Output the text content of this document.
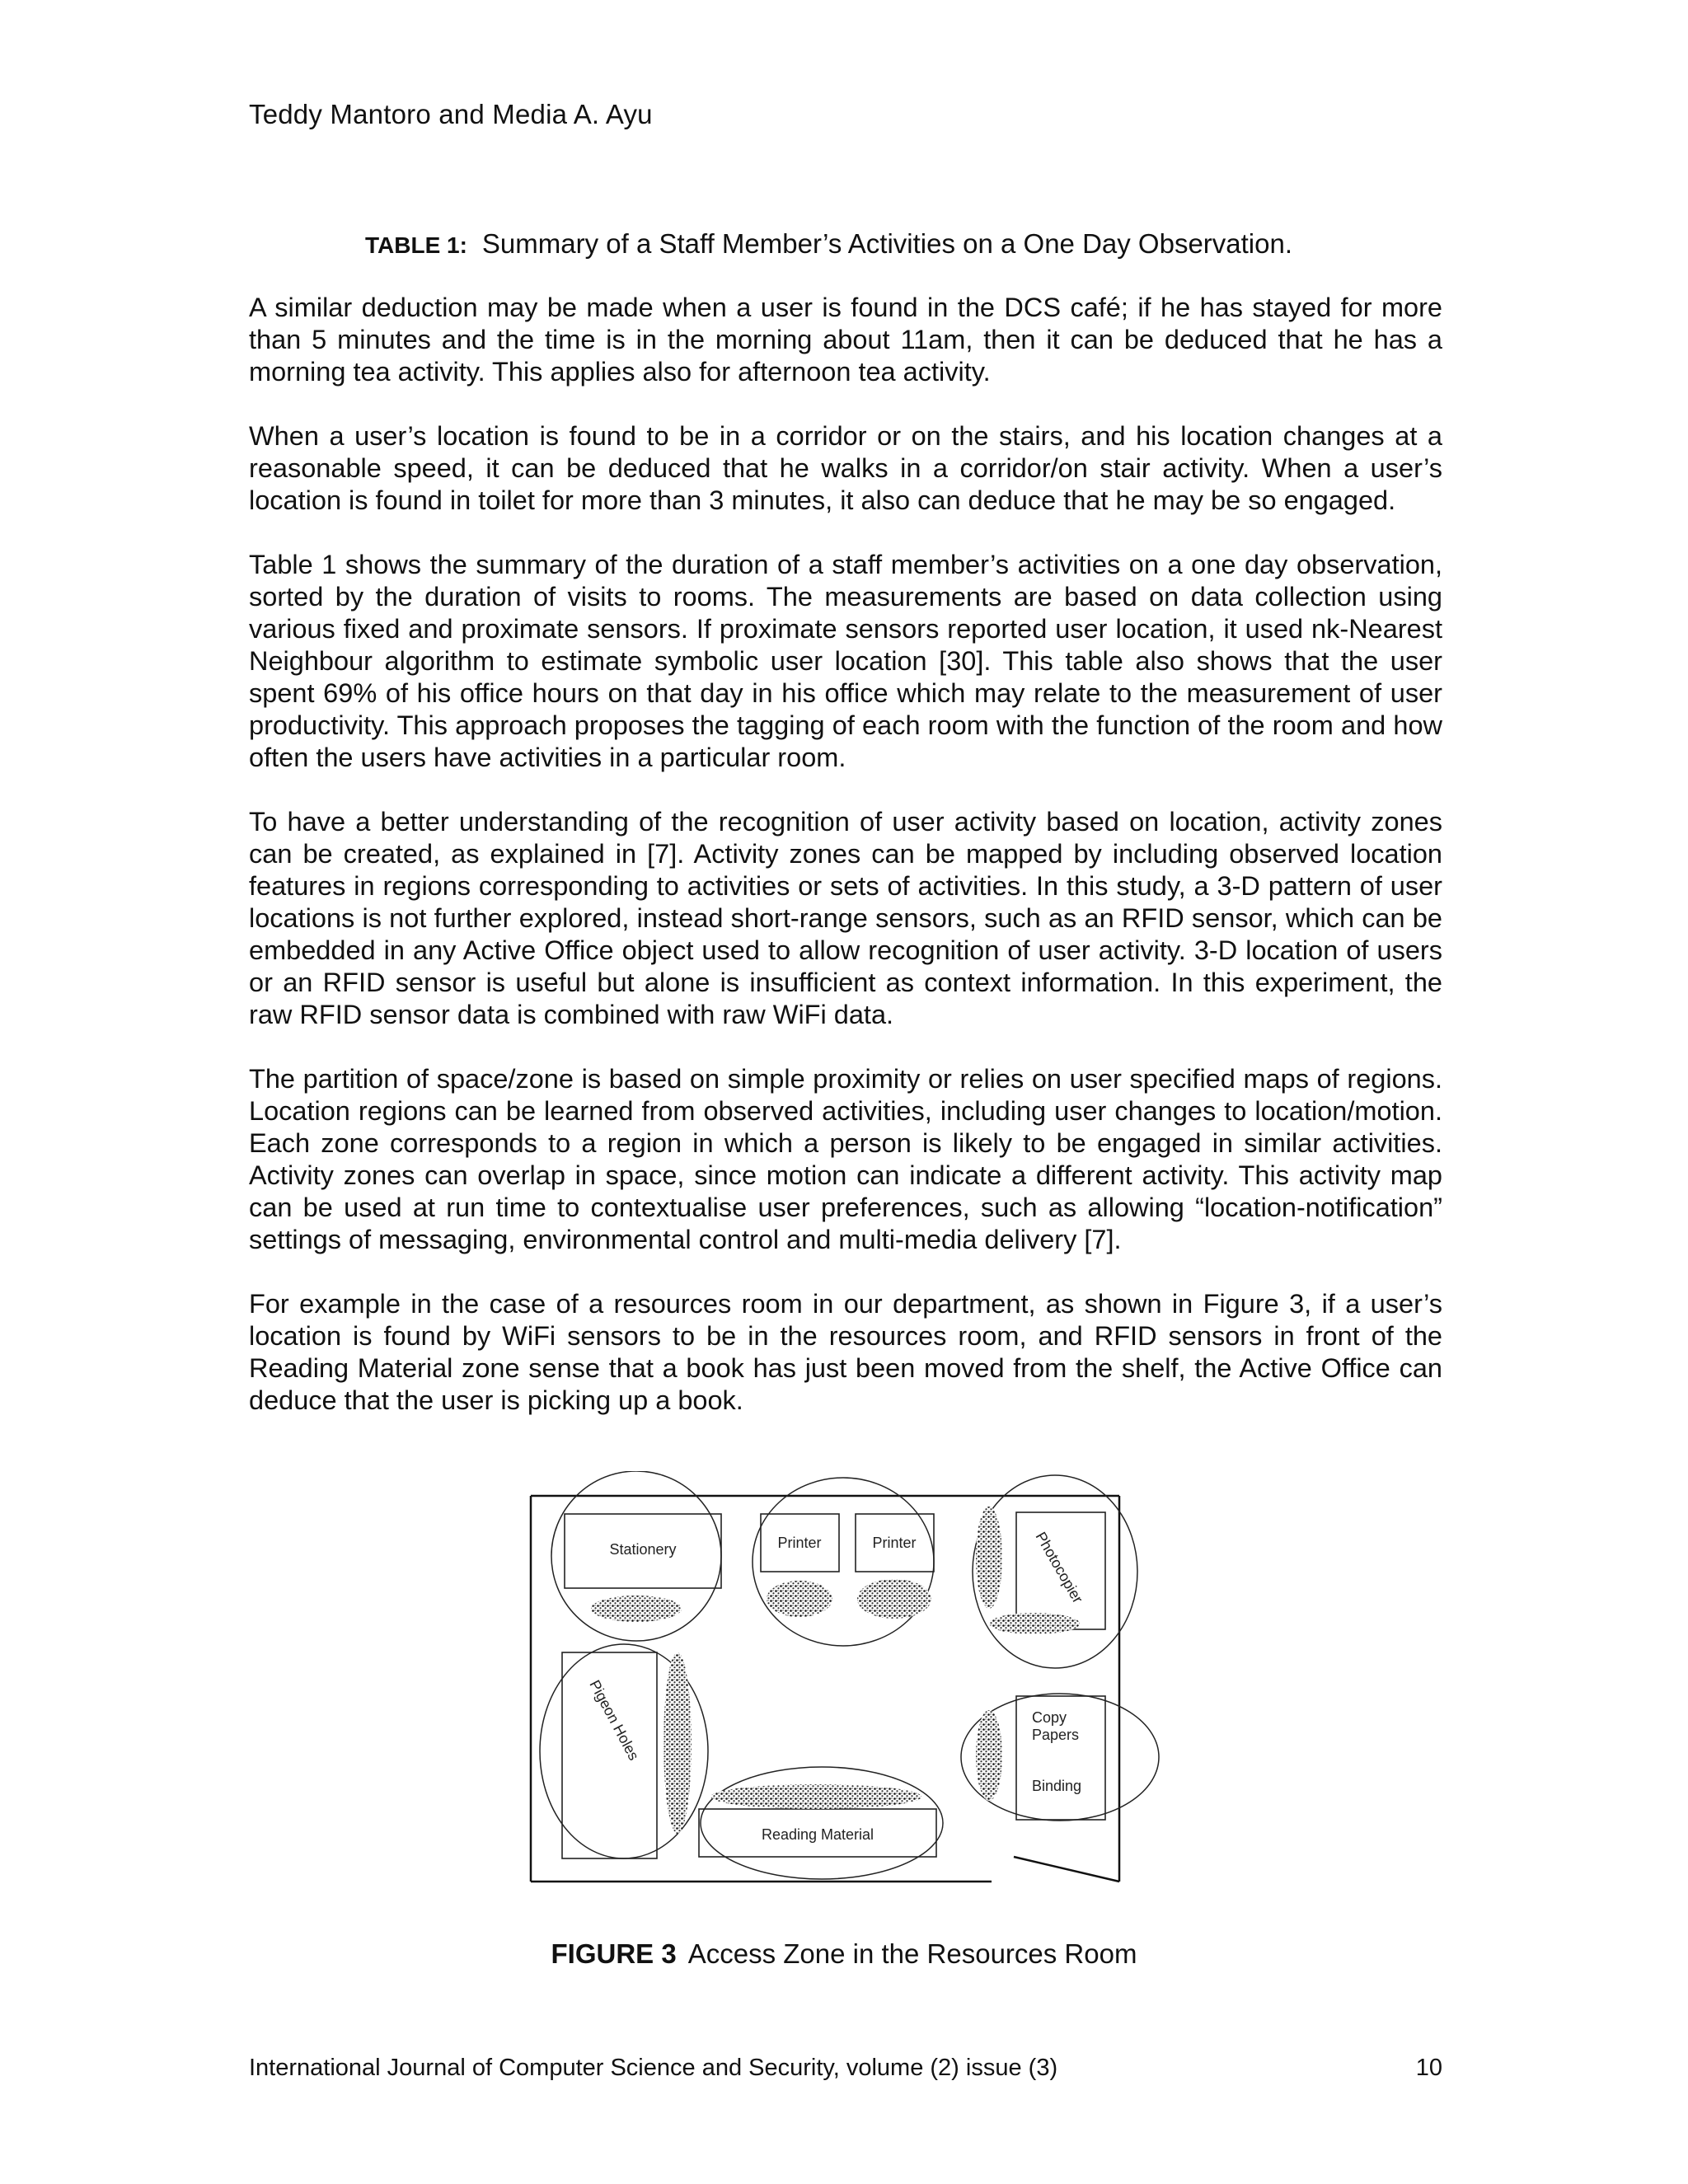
Teddy Mantoro and Media A. Ayu
TABLE 1: Summary of a Staff Member’s Activities on a One Day Observation.

A similar deduction may be made when a user is found in the DCS café; if he has stayed for more than 5 minutes and the time is in the morning about 11am, then it can be deduced that he has a morning tea activity. This applies also for afternoon tea activity.

When a user’s location is found to be in a corridor or on the stairs, and his location changes at a reasonable speed, it can be deduced that he walks in a corridor/on stair activity. When a user’s location is found in toilet for more than 3 minutes, it also can deduce that he may be so engaged.

Table 1 shows the summary of the duration of a staff member’s activities on a one day observation, sorted by the duration of visits to rooms. The measurements are based on data collection using various fixed and proximate sensors. If proximate sensors reported user location, it used nk-Nearest Neighbour algorithm to estimate symbolic user location [30]. This table also shows that the user spent 69% of his office hours on that day in his office which may relate to the measurement of user productivity. This approach proposes the tagging of each room with the function of the room and how often the users have activities in a particular room.

To have a better understanding of the recognition of user activity based on location, activity zones can be created, as explained in [7]. Activity zones can be mapped by including observed location features in regions corresponding to activities or sets of activities. In this study, a 3-D pattern of user locations is not further explored, instead short-range sensors, such as an RFID sensor, which can be embedded in any Active Office object used to allow recognition of user activity. 3-D location of users or an RFID sensor is useful but alone is insufficient as context information. In this experiment, the raw RFID sensor data is combined with raw WiFi data.

The partition of space/zone is based on simple proximity or relies on user specified maps of regions. Location regions can be learned from observed activities, including user changes to location/motion. Each zone corresponds to a region in which a person is likely to be engaged in similar activities. Activity zones can overlap in space, since motion can indicate a different activity. This activity map can be used at run time to contextualise user preferences, such as allowing “location-notification” settings of messaging, environmental control and multi-media delivery [7].

For example in the case of a resources room in our department, as shown in Figure 3, if a user’s location is found by WiFi sensors to be in the resources room, and RFID sensors in front of the Reading Material zone sense that a book has just been moved from the shelf, the Active Office can deduce that the user is picking up a book.

Stationery	Printer	Printer	Photocopier
Pigeon Holes	Copy
Papers
Binding
Reading Material
FIGURE 3 Access Zone in the Resources Room
International Journal of Computer Science and Security, volume (2) issue (3)	10
